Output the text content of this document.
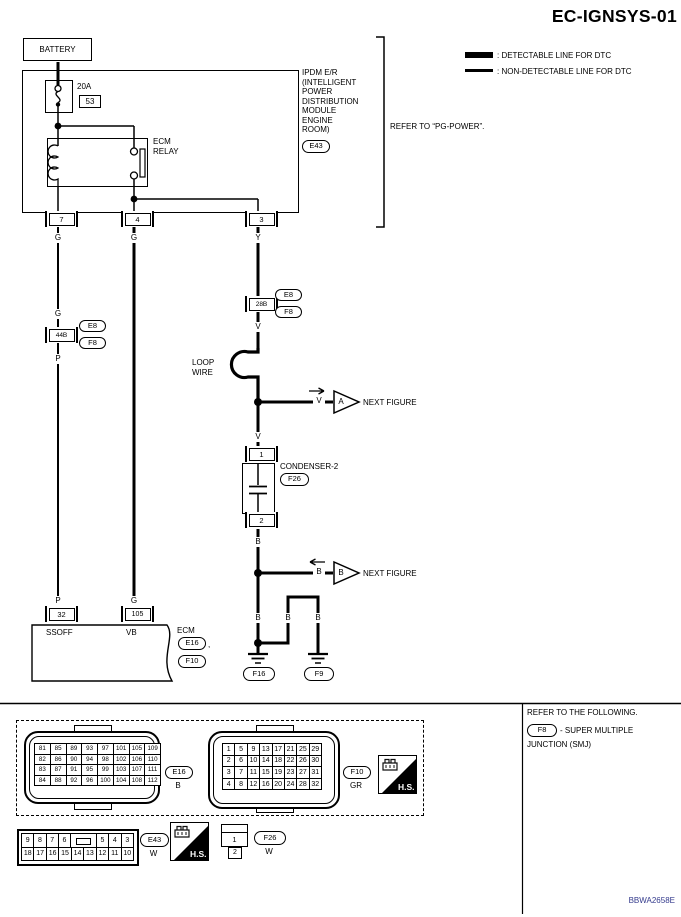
EC-IGNSYS-01
: DETECTABLE LINE FOR DTC
: NON-DETECTABLE LINE FOR DTC
BATTERY
20A
53
ECM
RELAY
7	4	3
IPDM E/R
(INTELLIGENT
POWER
DISTRIBUTION
MODULE
ENGINE
ROOM)
E43
REFER TO “PG-POWER”.
G	G	Y
G
P
P	G
V
V
V
B
B
B	B	B
44B
E8
F8
28B
E8
F8
LOOP
WIRE
A	NEXT FIGURE
B	NEXT FIGURE
1
2
CONDENSER-2
F26
F16	F9
32	105
SSOFF	VB	ECM
E16	,
F10
81	85	89	93	97	101 105 109
82	86	90	94	98	102 106 110
83	87	91	95	99	103 107 111
84	88	92	96	100 104 108 112
E16
B
1	5	9 13 17 21 25 29
2	6 10 14 18 22 26 30
3	7 11 15 19 23 27 31
4	8 12 16 20 24 28 32
F10
GR	H.S.
9	8	7	6	5	4	3
18 17 16 15 14 13 12 11 10
E43
W	H.S.
1
2
F26
W
REFER TO THE FOLLOWING.
F8	- SUPER MULTIPLE
JUNCTION (SMJ)
BBWA2658E
